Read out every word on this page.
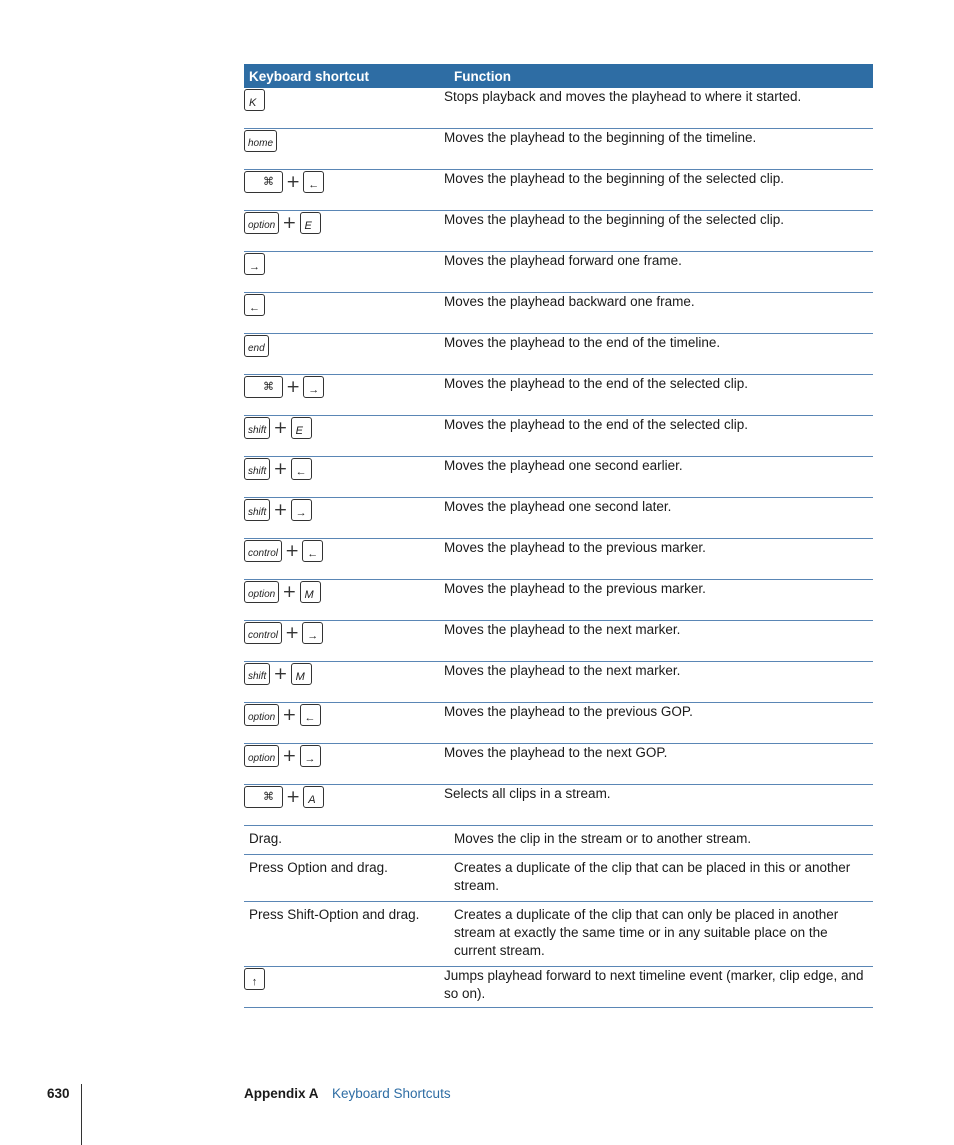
Keyboard shortcut	Function

K	Stops playback and moves the playhead to where it started.

home	Moves the playhead to the beginning of the timeline.

⌘ + ←	Moves the playhead to the beginning of the selected clip.

option + E	Moves the playhead to the beginning of the selected clip.

→	Moves the playhead forward one frame.

←	Moves the playhead backward one frame.

end	Moves the playhead to the end of the timeline.

⌘ + →	Moves the playhead to the end of the selected clip.

shift + E	Moves the playhead to the end of the selected clip.

shift + ←	Moves the playhead one second earlier.

shift + →	Moves the playhead one second later.

control + ←	Moves the playhead to the previous marker.

option + M	Moves the playhead to the previous marker.

control + →	Moves the playhead to the next marker.

shift + M	Moves the playhead to the next marker.

option + ←	Moves the playhead to the previous GOP.

option + →	Moves the playhead to the next GOP.

⌘ + A	Selects all clips in a stream.
Drag.	Moves the clip in the stream or to another stream.
Press Option and drag.	Creates a duplicate of the clip that can be placed in this or another stream.
Press Shift-Option and drag.	Creates a duplicate of the clip that can only be placed in another stream at exactly the same time or in any suitable place on the current stream.

↑	Jumps playhead forward to next timeline event (marker, clip edge, and so on).
630	Appendix A Keyboard Shortcuts
